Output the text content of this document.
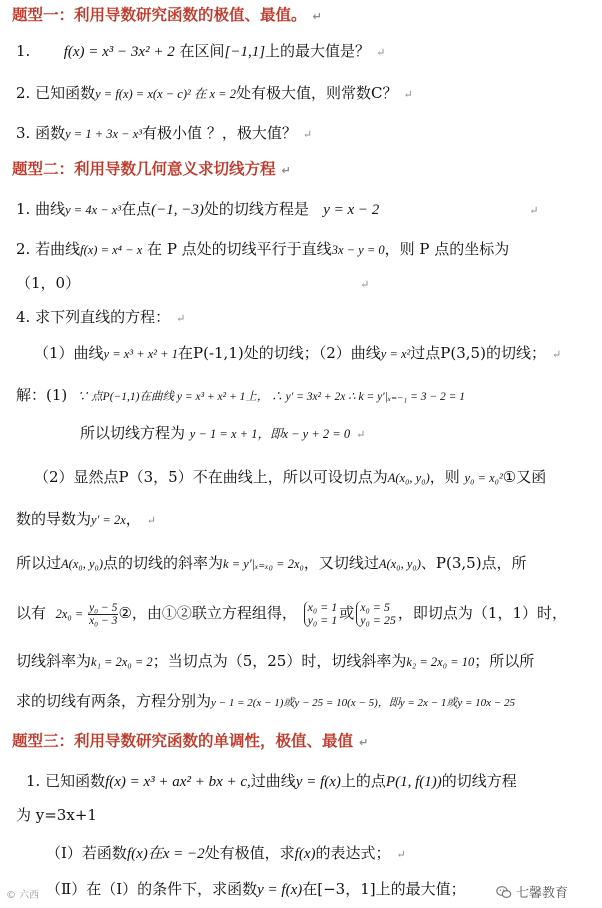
题型一：利用导数研究函数的极值、最值。 ↵
1. f(x) = x³ − 3x² + 2 在区间[−1,1]上的最大值是？ ↵
2. 已知函数y = f(x) = x(x − c)² 在 x = 2处有极大值，则常数C？ ↵
3. 函数y = 1 + 3x − x³有极小值 ？，极大值？ ↵
题型二：利用导数几何意义求切线方程 ↵
1. 曲线y = 4x − x³在点(−1, −3)处的切线方程是 y = x − 2	↵
2. 若曲线f(x) = x⁴ − x 在 P 点处的切线平行于直线3x − y = 0，则 P 点的坐标为
（1，0）	↵
4. 求下列直线的方程： ↵
（1）曲线y = x³ + x² + 1在P(-1,1)处的切线；（2）曲线y = x²过点P(3,5)的切线； ↵
解：(1) ∵ 点P(−1,1)在曲线 y = x³ + x² + 1上， ∴ y′ = 3x² + 2x ∴ k = y′|ₓ₌₋₁ = 3 − 2 = 1
所以切线方程为 y − 1 = x + 1，即x − y + 2 = 0 ↵
（2）显然点P（3，5）不在曲线上，所以可设切点为A(x₀, y₀)，则 y₀ = x₀²①又函
数的导数为y′ = 2x， ↵
所以过A(x₀, y₀)点的切线的斜率为k = y′|ₓ₌ₓ₀ = 2x₀，又切线过A(x₀, y₀)、P(3,5)点，所
以有 $2x_0 = \frac{\text{y₀ − 5}}{\text{x₀ − 3}}$ ②，由①②联立方程组得， x₀ = 1
y₀ = 1 或 x₀ = 5
y₀ = 25 ，即切点为（1，1）时，
切线斜率为k₁ = 2x₀ = 2；当切点为（5，25）时，切线斜率为k₂ = 2x₀ = 10；所以所
求的切线有两条，方程分别为y − 1 = 2(x − 1)或y − 25 = 10(x − 5)，即y = 2x − 1或y = 10x − 25
题型三：利用导数研究函数的单调性，极值、最值 ↵
1. 已知函数f(x) = x³ + ax² + bx + c,过曲线y = f(x)上的点P(1, f(1))的切线方程
为 y=3x+1
（Ⅰ）若函数f(x)在x = −2处有极值，求f(x)的表达式； ↵
（Ⅱ）在（Ⅰ）的条件下，求函数y = f(x)在[−3，1]上的最大值；
© 六西	七馨教育
